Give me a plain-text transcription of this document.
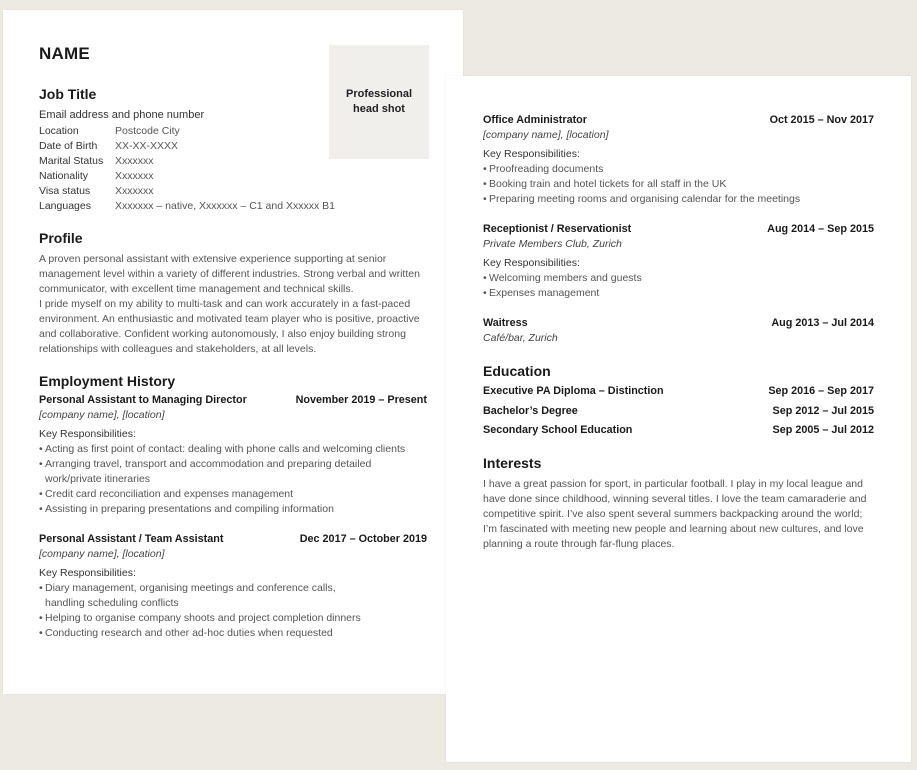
NAME
Job Title
Email address and phone number
Location	Postcode City
Date of Birth	XX-XX-XXXX
Marital Status	Xxxxxxx
Nationality	Xxxxxxx
Visa status	Xxxxxxx
Languages	Xxxxxxx – native, Xxxxxxx – C1 and Xxxxxx B1
Professional head shot
Profile

A proven personal assistant with extensive experience supporting at senior management level within a variety of different industries. Strong verbal and written communicator, with excellent time management and technical skills.

I pride myself on my ability to multi-task and can work accurately in a fast-paced environment. An enthusiastic and motivated team player who is positive, proactive and collaborative. Confident working autonomously, I also enjoy building strong relationships with colleagues and stakeholders, at all levels.

Employment History
Personal Assistant to Managing Director	November 2019 – Present
[company name], [location]
Key Responsibilities:
• Acting as first point of contact: dealing with phone calls and welcoming clients
• Arranging travel, transport and accommodation and preparing detailed work/private itineraries
• Credit card reconciliation and expenses management
• Assisting in preparing presentations and compiling information
Personal Assistant / Team Assistant	Dec 2017 – October 2019
[company name], [location]
Key Responsibilities:
• Diary management, organising meetings and conference calls, handling scheduling conflicts
• Helping to organise company shoots and project completion dinners
• Conducting research and other ad-hoc duties when requested
Office Administrator	Oct 2015 – Nov 2017
[company name], [location]
Key Responsibilities:
• Proofreading documents
• Booking train and hotel tickets for all staff in the UK
• Preparing meeting rooms and organising calendar for the meetings
Receptionist / Reservationist	Aug 2014 – Sep 2015
Private Members Club, Zurich
Key Responsibilities:
• Welcoming members and guests
• Expenses management
Waitress	Aug 2013 – Jul 2014
Café/bar, Zurich
Education
Executive PA Diploma – Distinction	Sep 2016 – Sep 2017
Bachelor’s Degree	Sep 2012 – Jul 2015
Secondary School Education	Sep 2005 – Jul 2012
Interests

I have a great passion for sport, in particular football. I play in my local league and have done since childhood, winning several titles. I love the team camaraderie and competitive spirit. I’ve also spent several summers backpacking around the world; I’m fascinated with meeting new people and learning about new cultures, and love planning a route through far-flung places.
